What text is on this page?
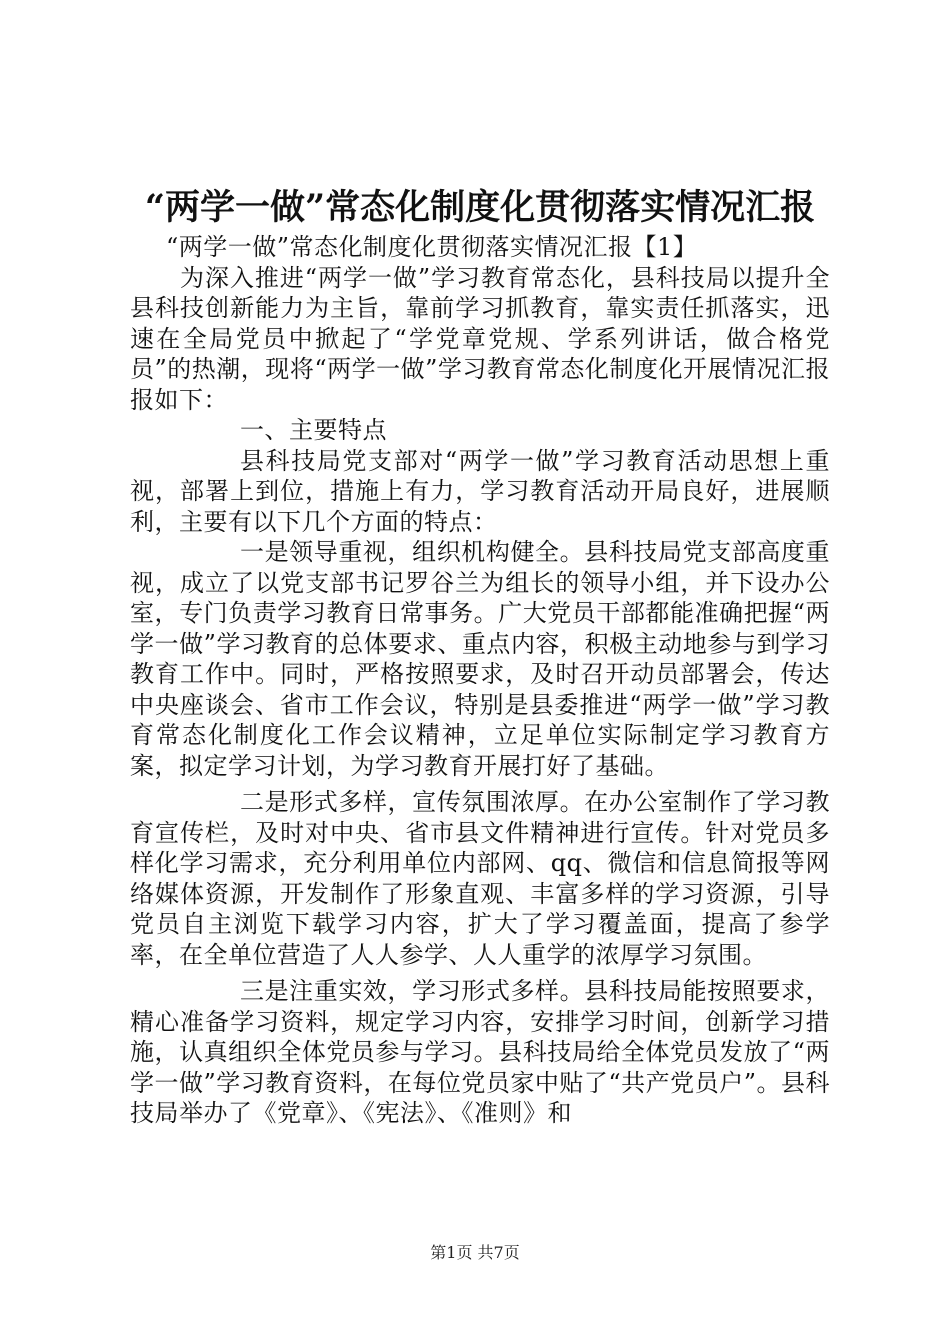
“两学一做”常态化制度化贯彻落实情况汇报

“两学一做”常态化制度化贯彻落实情况汇报【1】

为深入推进“两学一做”学习教育常态化，县科技局以提升全县科技创新能力为主旨，靠前学习抓教育，靠实责任抓落实，迅速在全局党员中掀起了“学党章党规、学系列讲话，做合格党员”的热潮，现将“两学一做”学习教育常态化制度化开展情况汇报报如下：

一、主要特点

县科技局党支部对“两学一做”学习教育活动思想上重视，部署上到位，措施上有力，学习教育活动开局良好，进展顺利，主要有以下几个方面的特点：

一是领导重视，组织机构健全。县科技局党支部高度重视，成立了以党支部书记罗谷兰为组长的领导小组，并下设办公室，专门负责学习教育日常事务。广大党员干部都能准确把握“两学一做”学习教育的总体要求、重点内容，积极主动地参与到学习教育工作中。同时，严格按照要求，及时召开动员部署会，传达中央座谈会、省市工作会议，特别是县委推进“两学一做”学习教育常态化制度化工作会议精神，立足单位实际制定学习教育方案，拟定学习计划，为学习教育开展打好了基础。

二是形式多样，宣传氛围浓厚。在办公室制作了学习教育宣传栏，及时对中央、省市县文件精神进行宣传。针对党员多样化学习需求，充分利用单位内部网、qq、微信和信息简报等网络媒体资源，开发制作了形象直观、丰富多样的学习资源，引导党员自主浏览下载学习内容，扩大了学习覆盖面，提高了参学率，在全单位营造了人人参学、人人重学的浓厚学习氛围。

三是注重实效，学习形式多样。县科技局能按照要求，精心准备学习资料，规定学习内容，安排学习时间，创新学习措施，认真组织全体党员参与学习。县科技局给全体党员发放了“两学一做”学习教育资料，在每位党员家中贴了“共产党员户”。县科技局举办了《党章》、《宪法》、《准则》和

第1页 共7页
